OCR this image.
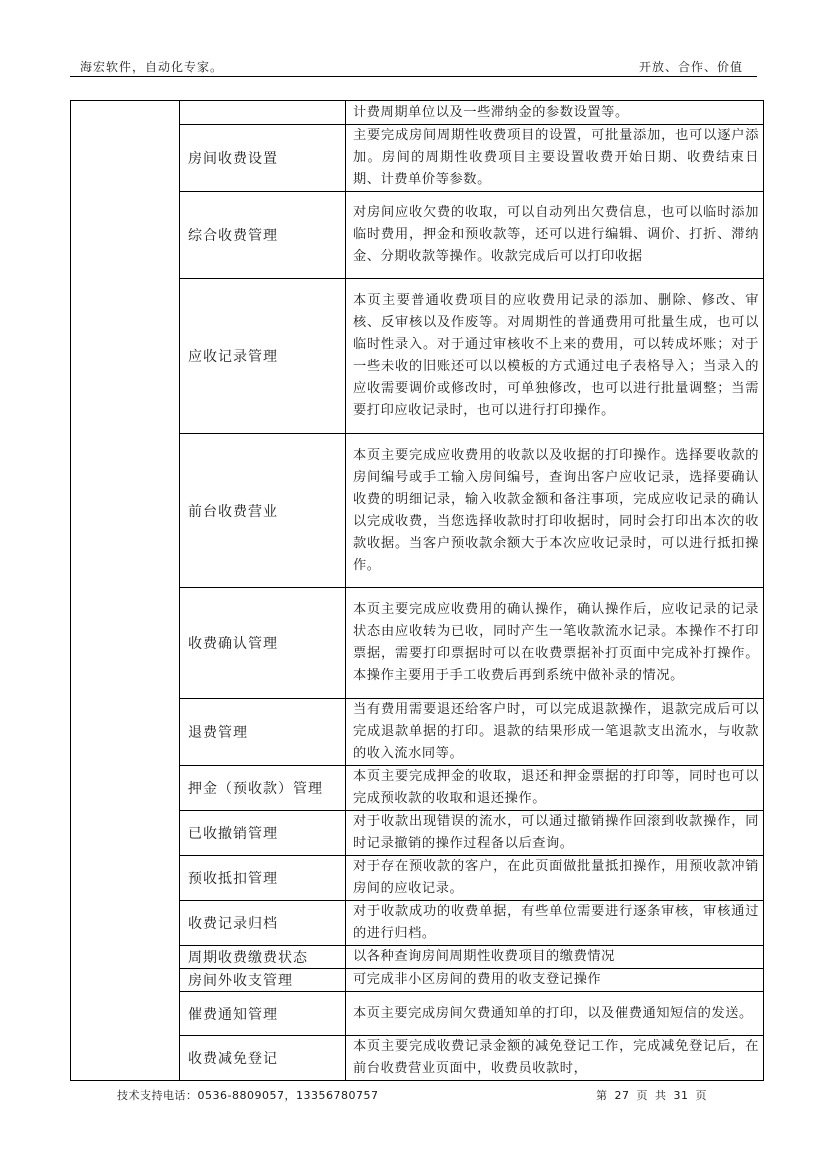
海宏软件，自动化专家。	开放、合作、价值
		计费周期单位以及一些滞纳金的参数设置等。
	房间收费设置	主要完成房间周期性收费项目的设置，可批量添加，也可以逐户添加。房间的周期性收费项目主要设置收费开始日期、收费结束日期、计费单价等参数。
	综合收费管理	对房间应收欠费的收取，可以自动列出欠费信息，也可以临时添加临时费用，押金和预收款等，还可以进行编辑、调价、打折、滞纳金、分期收款等操作。收款完成后可以打印收据
	应收记录管理	本页主要普通收费项目的应收费用记录的添加、删除、修改、审核、反审核以及作废等。对周期性的普通费用可批量生成，也可以临时性录入。对于通过审核收不上来的费用，可以转成坏账；对于一些未收的旧账还可以以模板的方式通过电子表格导入；当录入的应收需要调价或修改时，可单独修改，也可以进行批量调整；当需要打印应收记录时，也可以进行打印操作。
	前台收费营业	本页主要完成应收费用的收款以及收据的打印操作。选择要收款的房间编号或手工输入房间编号，查询出客户应收记录，选择要确认收费的明细记录，输入收款金额和备注事项，完成应收记录的确认以完成收费，当您选择收款时打印收据时，同时会打印出本次的收款收据。当客户预收款余额大于本次应收记录时，可以进行抵扣操作。
	收费确认管理	本页主要完成应收费用的确认操作，确认操作后，应收记录的记录状态由应收转为已收，同时产生一笔收款流水记录。本操作不打印票据，需要打印票据时可以在收费票据补打页面中完成补打操作。本操作主要用于手工收费后再到系统中做补录的情况。
	退费管理	当有费用需要退还给客户时，可以完成退款操作，退款完成后可以完成退款单据的打印。退款的结果形成一笔退款支出流水，与收款的收入流水同等。
	押金（预收款）管理	本页主要完成押金的收取，退还和押金票据的打印等，同时也可以完成预收款的收取和退还操作。
	已收撤销管理	对于收款出现错误的流水，可以通过撤销操作回滚到收款操作，同时记录撤销的操作过程备以后查询。
	预收抵扣管理	对于存在预收款的客户，在此页面做批量抵扣操作，用预收款冲销房间的应收记录。
	收费记录归档	对于收款成功的收费单据，有些单位需要进行逐条审核，审核通过的进行归档。
	周期收费缴费状态	以各种查询房间周期性收费项目的缴费情况
	房间外收支管理	可完成非小区房间的费用的收支登记操作
	催费通知管理	本页主要完成房间欠费通知单的打印，以及催费通知短信的发送。
	收费减免登记	本页主要完成收费记录金额的减免登记工作，完成减免登记后，在前台收费营业页面中，收费员收款时，
技术支持电话：0536-8809057，13356780757	第 27 页 共 31 页
